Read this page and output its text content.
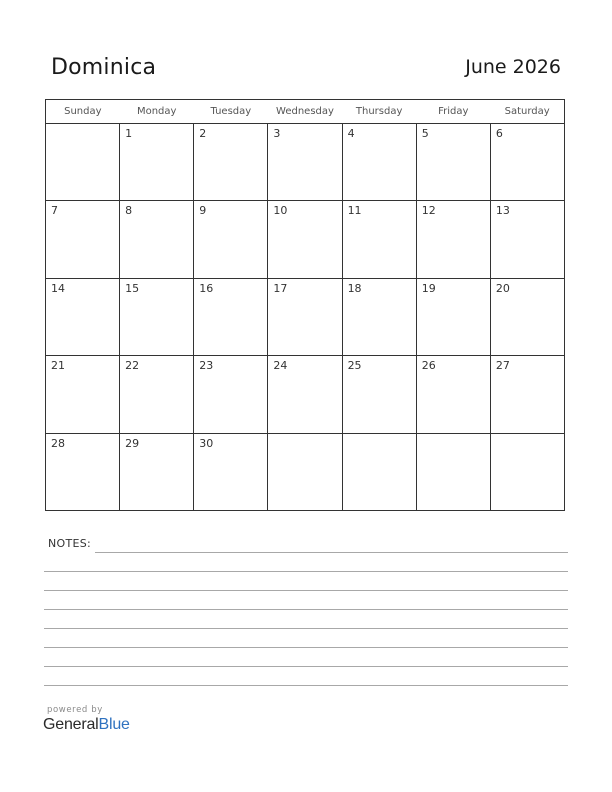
Dominica	June 2026
Sunday	Monday	Tuesday	Wednesday	Thursday	Friday	Saturday

	1	2	3	4	5	6

7	8	9	10	11	12	13

14	15	16	17	18	19	20

21	22	23	24	25	26	27

28	29	30				

NOTES:
powered by
GeneralBlue
